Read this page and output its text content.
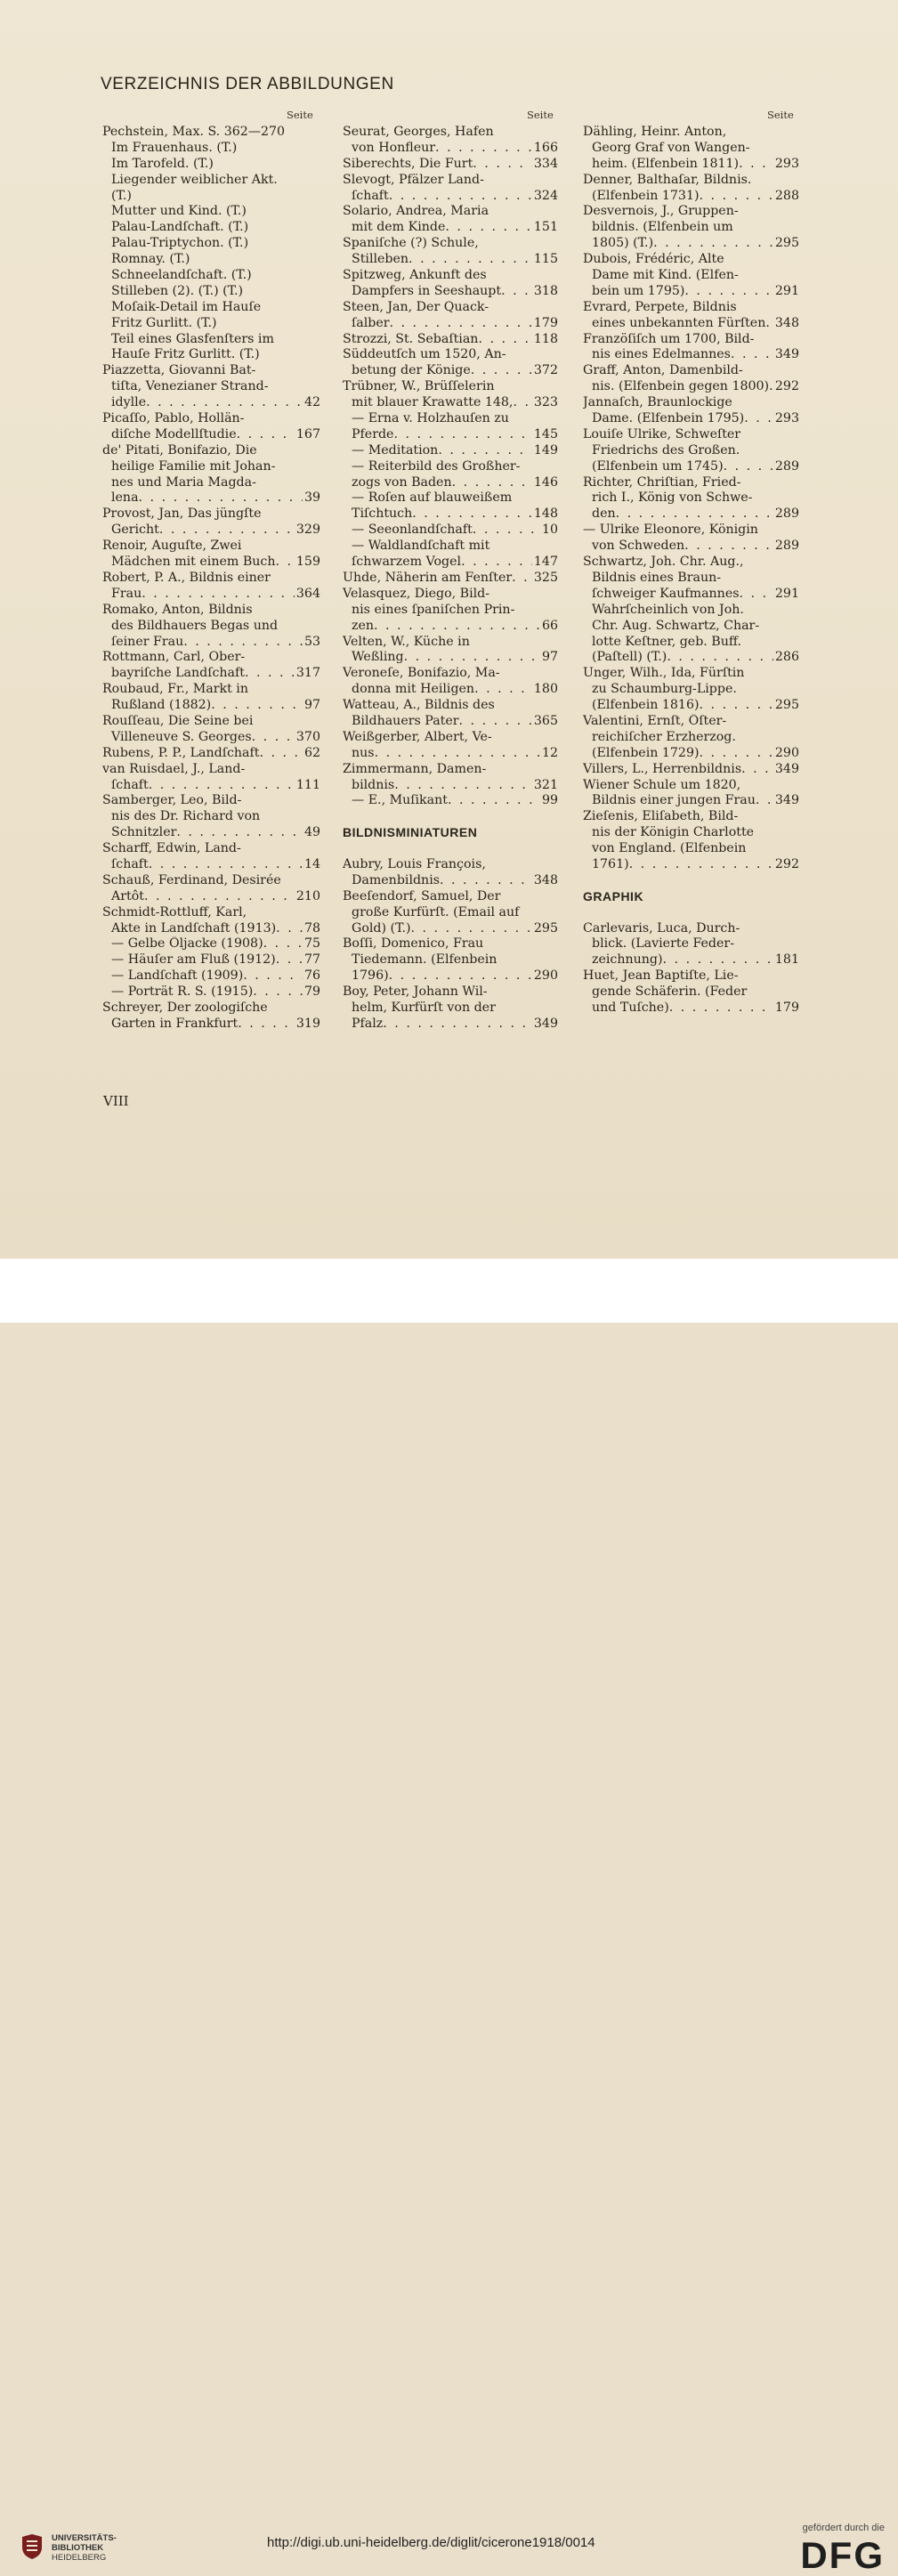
VERZEICHNIS DER ABBILDUNGEN
Seite	Seite	Seite
Pechstein, Max. S. 362—270
Im Frauenhaus. (T.)
Im Tarofeld. (T.)
Liegender weiblicher Akt.
(T.)
Mutter und Kind. (T.)
Palau-Landſchaft. (T.)
Palau-Triptychon. (T.)
Romnay. (T.)
Schneelandſchaft. (T.)
Stilleben (2). (T.) (T.)
Moſaik-Detail im Hauſe
Fritz Gurlitt. (T.)
Teil eines Glasfenſters im
Hauſe Fritz Gurlitt. (T.)
Piazzetta, Giovanni Bat-
tiſta, Venezianer Strand-
idylle . . .	42
Picaſſo, Pablo, Hollän-
diſche Modellſtudie . . .	167
de' Pitati, Bonifazio, Die
heilige Familie mit Johan-
nes und Maria Magda-
lena . . .	39
Provost, Jan, Das jüngſte
Gericht . . .	329
Renoir, Auguſte, Zwei
Mädchen mit einem Buch . . . 159
Robert, P. A., Bildnis einer
Frau . . .	364
Romako, Anton, Bildnis
des Bildhauers Begas und
ſeiner Frau . . .	53
Rottmann, Carl, Ober-
bayriſche Landſchaft . . .	317
Roubaud, Fr., Markt in
Rußland (1882) . . .	97
Rouſſeau, Die Seine bei
Villeneuve S. Georges . . .	370
Rubens, P. P., Landſchaft . . .	62
van Ruisdael, J., Land-
ſchaft . . .	111
Samberger, Leo, Bild-
nis des Dr. Richard von
Schnitzler . . .	49
Scharff, Edwin, Land-
ſchaft . . .	14
Schauß, Ferdinand, Desirée
Artôt . . .	210
Schmidt-Rottluff, Karl,
Akte in Landſchaft (1913) . . . 78
— Gelbe Öljacke (1908) . . .	75
— Häuſer am Fluß (1912) . . . 77
— Landſchaft (1909) . . .	76
— Porträt R. S. (1915) . . .	79
Schreyer, Der zoologiſche
Garten in Frankfurt . . .	319
Seurat, Georges, Hafen
von Honfleur . . .	166
Siberechts, Die Furt . . .	334
Slevogt, Pfälzer Land-
ſchaft . . .	324
Solario, Andrea, Maria
mit dem Kinde . . .	151
Spaniſche (?) Schule,
Stilleben . . .	115
Spitzweg, Ankunft des
Dampfers in Seeshaupt . . .	318
Steen, Jan, Der Quack-
ſalber . . .	179
Strozzi, St. Sebaſtian . . .	118
Süddeutſch um 1520, An-
betung der Könige . . .	372
Trübner, W., Brüſſelerin
mit blauer Krawatte 148, . . . 323
— Erna v. Holzhauſen zu
Pferde . . .	145
— Meditation . . .	149
— Reiterbild des Großher-
zogs von Baden . . .	146
— Roſen auf blauweißem
Tiſchtuch . . .	148
— Seeonlandſchaft . . .	10
— Waldlandſchaft mit
ſchwarzem Vogel . . .	147
Uhde, Näherin am Fenſter . . . 325
Velasquez, Diego, Bild-
nis eines ſpaniſchen Prin-
zen . . .	66
Velten, W., Küche in
Weßling . . .	97
Veroneſe, Bonifazio, Ma-
donna mit Heiligen . . .	180
Watteau, A., Bildnis des
Bildhauers Pater . . .	365
Weißgerber, Albert, Ve-
nus . . .	12
Zimmermann, Damen-
bildnis . . .	321
— E., Muſikant . . .	99
BILDNISMINIATUREN
Aubry, Louis François,
Damenbildnis . . .	348
Beeſendorf, Samuel, Der
große Kurfürſt. (Email auf
Gold) (T.) . . .	295
Boſſi, Domenico, Frau
Tiedemann. (Elfenbein
1796) . . .	290
Boy, Peter, Johann Wil-
helm, Kurfürſt von der
Pfalz . . .	349
Dähling, Heinr. Anton,
Georg Graf von Wangen-
heim. (Elfenbein 1811) . . .	293
Denner, Balthaſar, Bildnis.
(Elfenbein 1731) . . .	288
Desvernois, J., Gruppen-
bildnis. (Elfenbein um
1805) (T.) . . .	295
Dubois, Frédéric, Alte
Dame mit Kind. (Elfen-
bein um 1795) . . .	291
Evrard, Perpete, Bildnis
eines unbekannten Fürſten . . . 348
Franzöſiſch um 1700, Bild-
nis eines Edelmannes . . .	349
Graff, Anton, Damenbild-
nis. (Elfenbein gegen 1800) . . . 292
Jannaſch, Braunlockige
Dame. (Elfenbein 1795) . . . 293
Louiſe Ulrike, Schweſter
Friedrichs des Großen.
(Elfenbein um 1745) . . .	289
Richter, Chriſtian, Fried-
rich I., König von Schwe-
den . . .	289
— Ulrike Eleonore, Königin
von Schweden . . .	289
Schwartz, Joh. Chr. Aug.,
Bildnis eines Braun-
ſchweiger Kaufmannes . . .	291
Wahrſcheinlich von Joh.
Chr. Aug. Schwartz, Char-
lotte Keſtner, geb. Buff.
(Paſtell) (T.) . . .	286
Unger, Wilh., Ida, Fürſtin
zu Schaumburg-Lippe.
(Elfenbein 1816) . . .	295
Valentini, Ernſt, Öſter-
reichiſcher Erzherzog.
(Elfenbein 1729) . . .	290
Villers, L., Herrenbildnis . . .	349
Wiener Schule um 1820,
Bildnis einer jungen Frau . . . 349
Zieſenis, Eliſabeth, Bild-
nis der Königin Charlotte
von England. (Elfenbein
1761) . . .	292
GRAPHIK
Carlevaris, Luca, Durch-
blick. (Lavierte Feder-
zeichnung) . . .	181
Huet, Jean Baptiſte, Lie-
gende Schäferin. (Feder
und Tuſche) . . .	179
VIII
UNIVERSITÄTS-
BIBLIOTHEK
HEIDELBERG
http://digi.ub.uni-heidelberg.de/diglit/cicerone1918/0014
gefördert durch die
DFG
